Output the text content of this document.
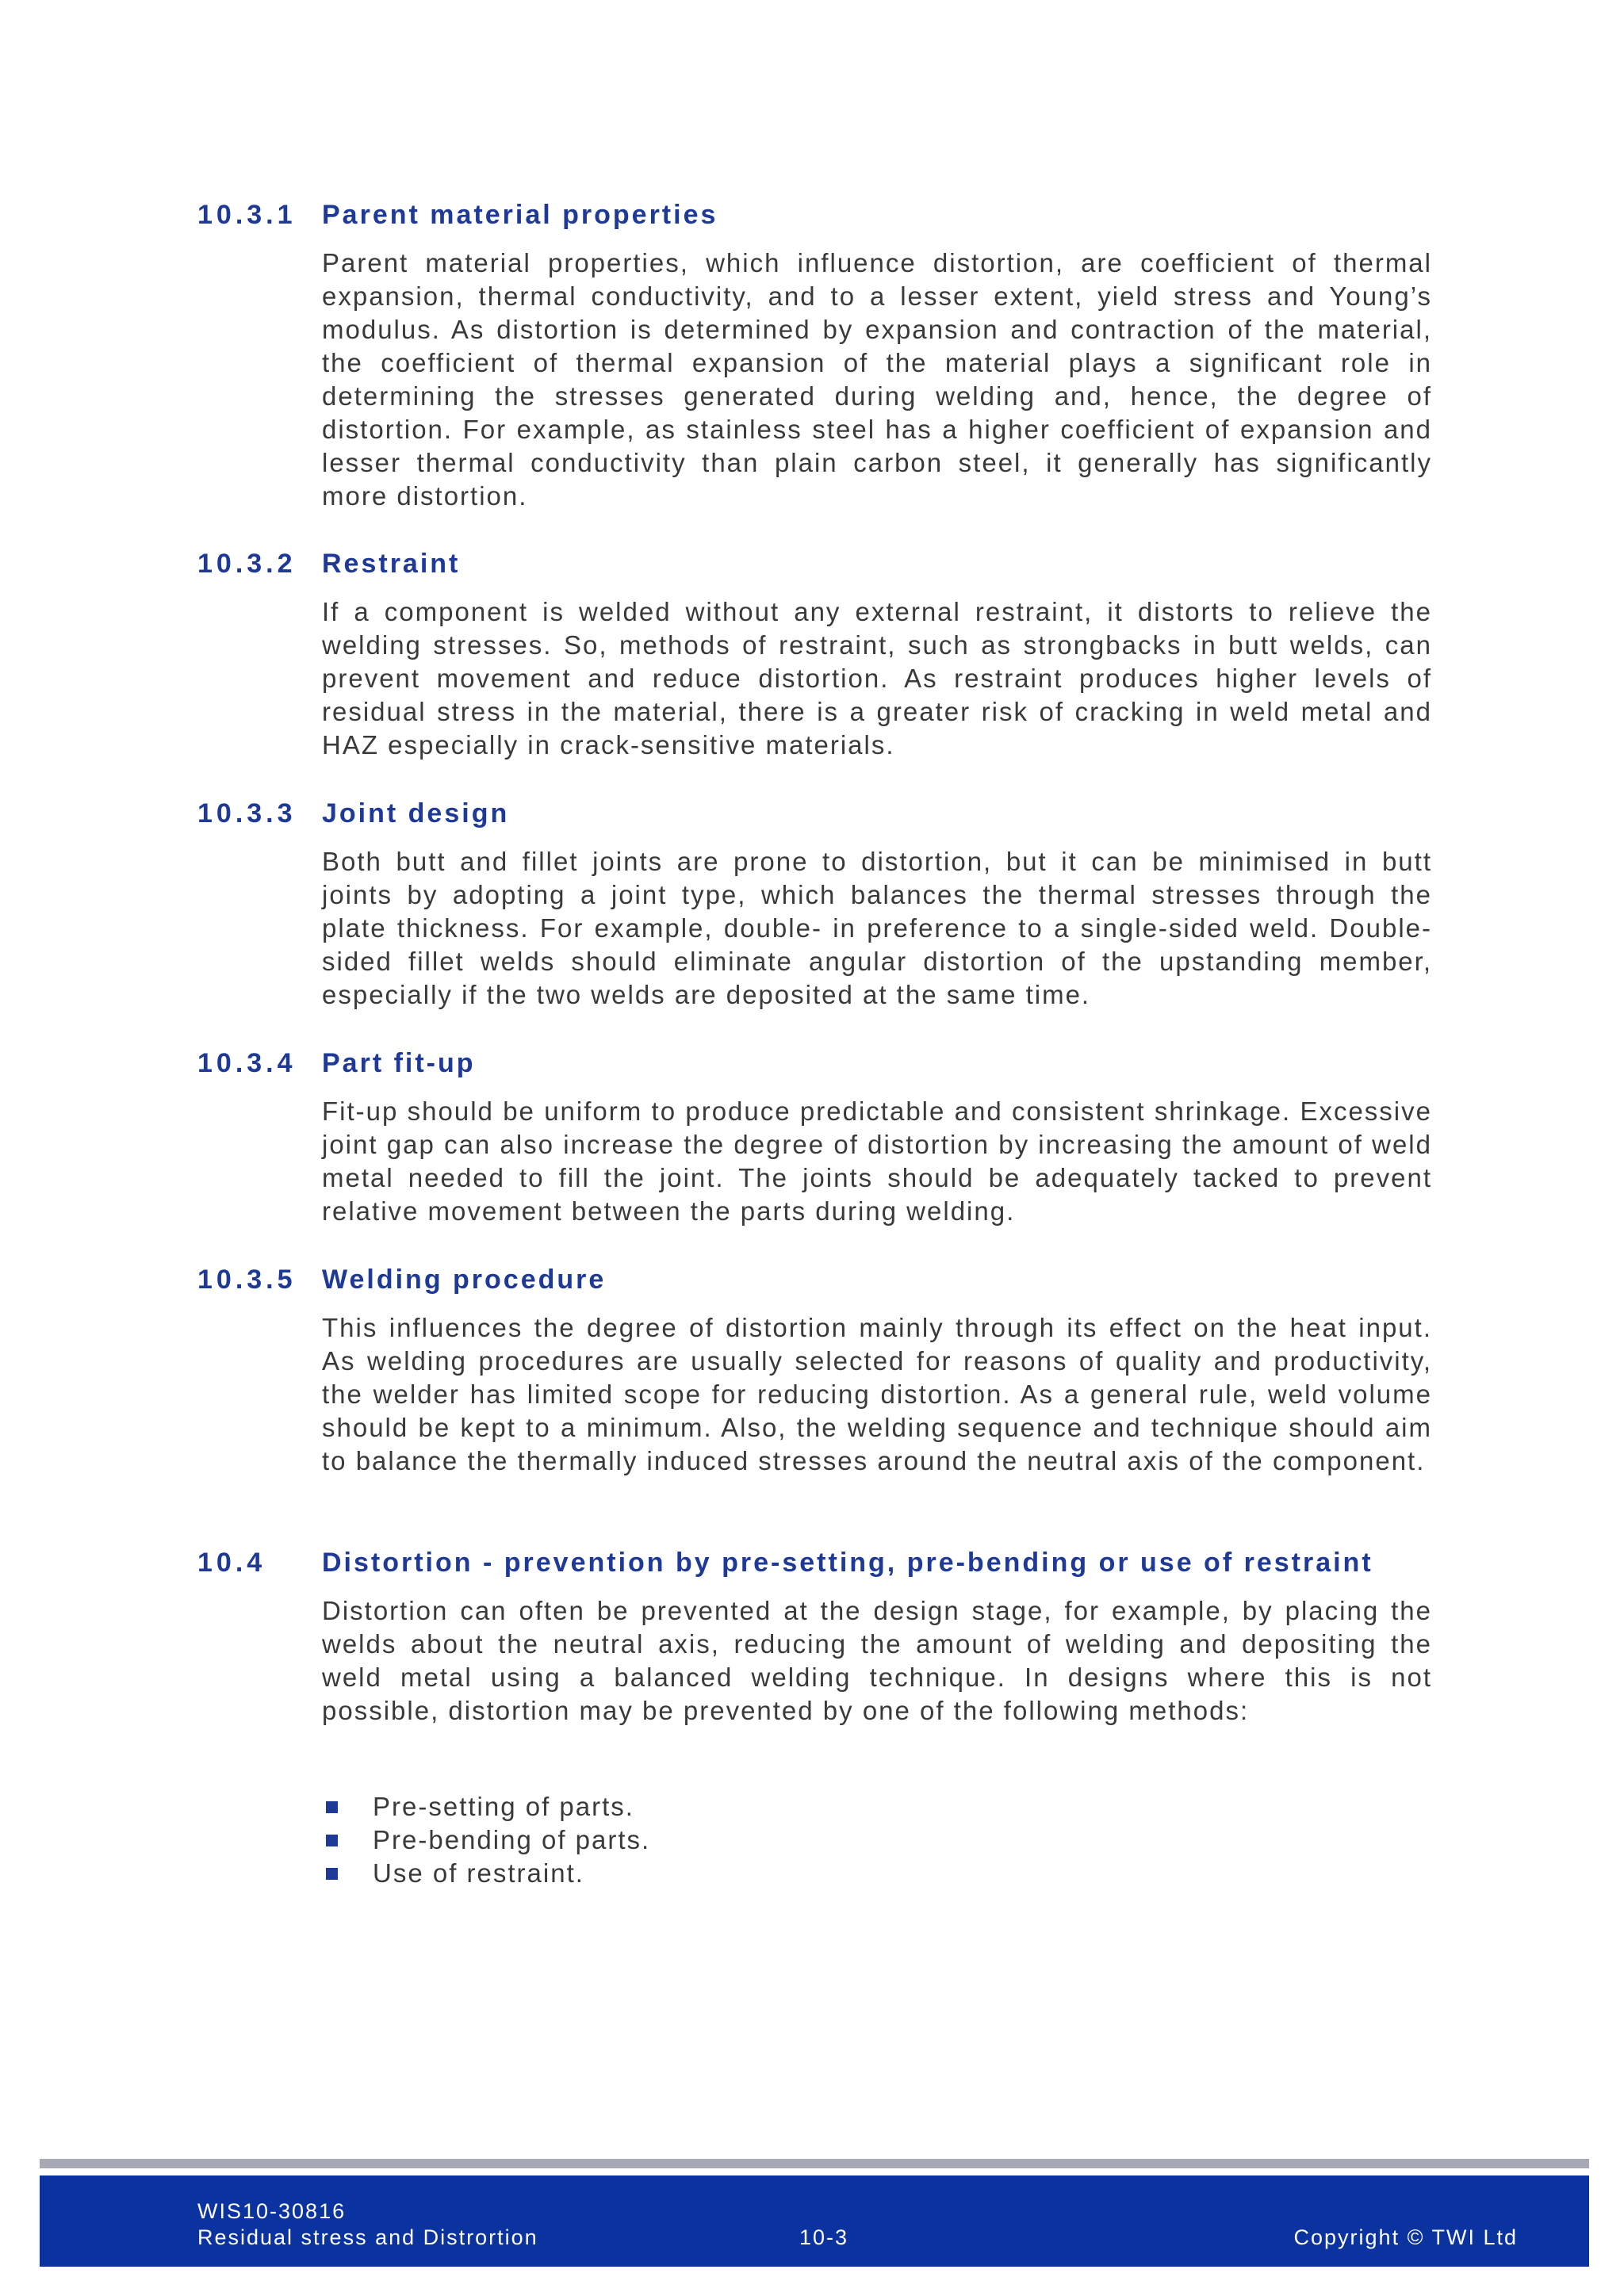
10.3.1 Parent material properties
Parent material properties, which influence distortion, are coefficient of thermal expansion, thermal conductivity, and to a lesser extent, yield stress and Young’s modulus. As distortion is determined by expansion and contraction of the material, the coefficient of thermal expansion of the material plays a significant role in determining the stresses generated during welding and, hence, the degree of distortion. For example, as stainless steel has a higher coefficient of expansion and lesser thermal conductivity than plain carbon steel, it generally has significantly more distortion.
10.3.2 Restraint
If a component is welded without any external restraint, it distorts to relieve the welding stresses. So, methods of restraint, such as strongbacks in butt welds, can prevent movement and reduce distortion. As restraint produces higher levels of residual stress in the material, there is a greater risk of cracking in weld metal and HAZ especially in crack-sensitive materials.
10.3.3 Joint design
Both butt and fillet joints are prone to distortion, but it can be minimised in butt joints by adopting a joint type, which balances the thermal stresses through the plate thickness. For example, double- in preference to a single-sided weld. Double-sided fillet welds should eliminate angular distortion of the upstanding member, especially if the two welds are deposited at the same time.
10.3.4 Part fit-up
Fit-up should be uniform to produce predictable and consistent shrinkage. Excessive joint gap can also increase the degree of distortion by increasing the amount of weld metal needed to fill the joint. The joints should be adequately tacked to prevent relative movement between the parts during welding.
10.3.5 Welding procedure
This influences the degree of distortion mainly through its effect on the heat input. As welding procedures are usually selected for reasons of quality and productivity, the welder has limited scope for reducing distortion. As a general rule, weld volume should be kept to a minimum. Also, the welding sequence and technique should aim to balance the thermally induced stresses around the neutral axis of the component.
10.4 Distortion - prevention by pre-setting, pre-bending or use of restraint
Distortion can often be prevented at the design stage, for example, by placing the welds about the neutral axis, reducing the amount of welding and depositing the weld metal using a balanced welding technique. In designs where this is not possible, distortion may be prevented by one of the following methods:
Pre-setting of parts.
Pre-bending of parts.
Use of restraint.
WIS10-30816
Residual stress and Distrortion	10-3	Copyright © TWI Ltd
